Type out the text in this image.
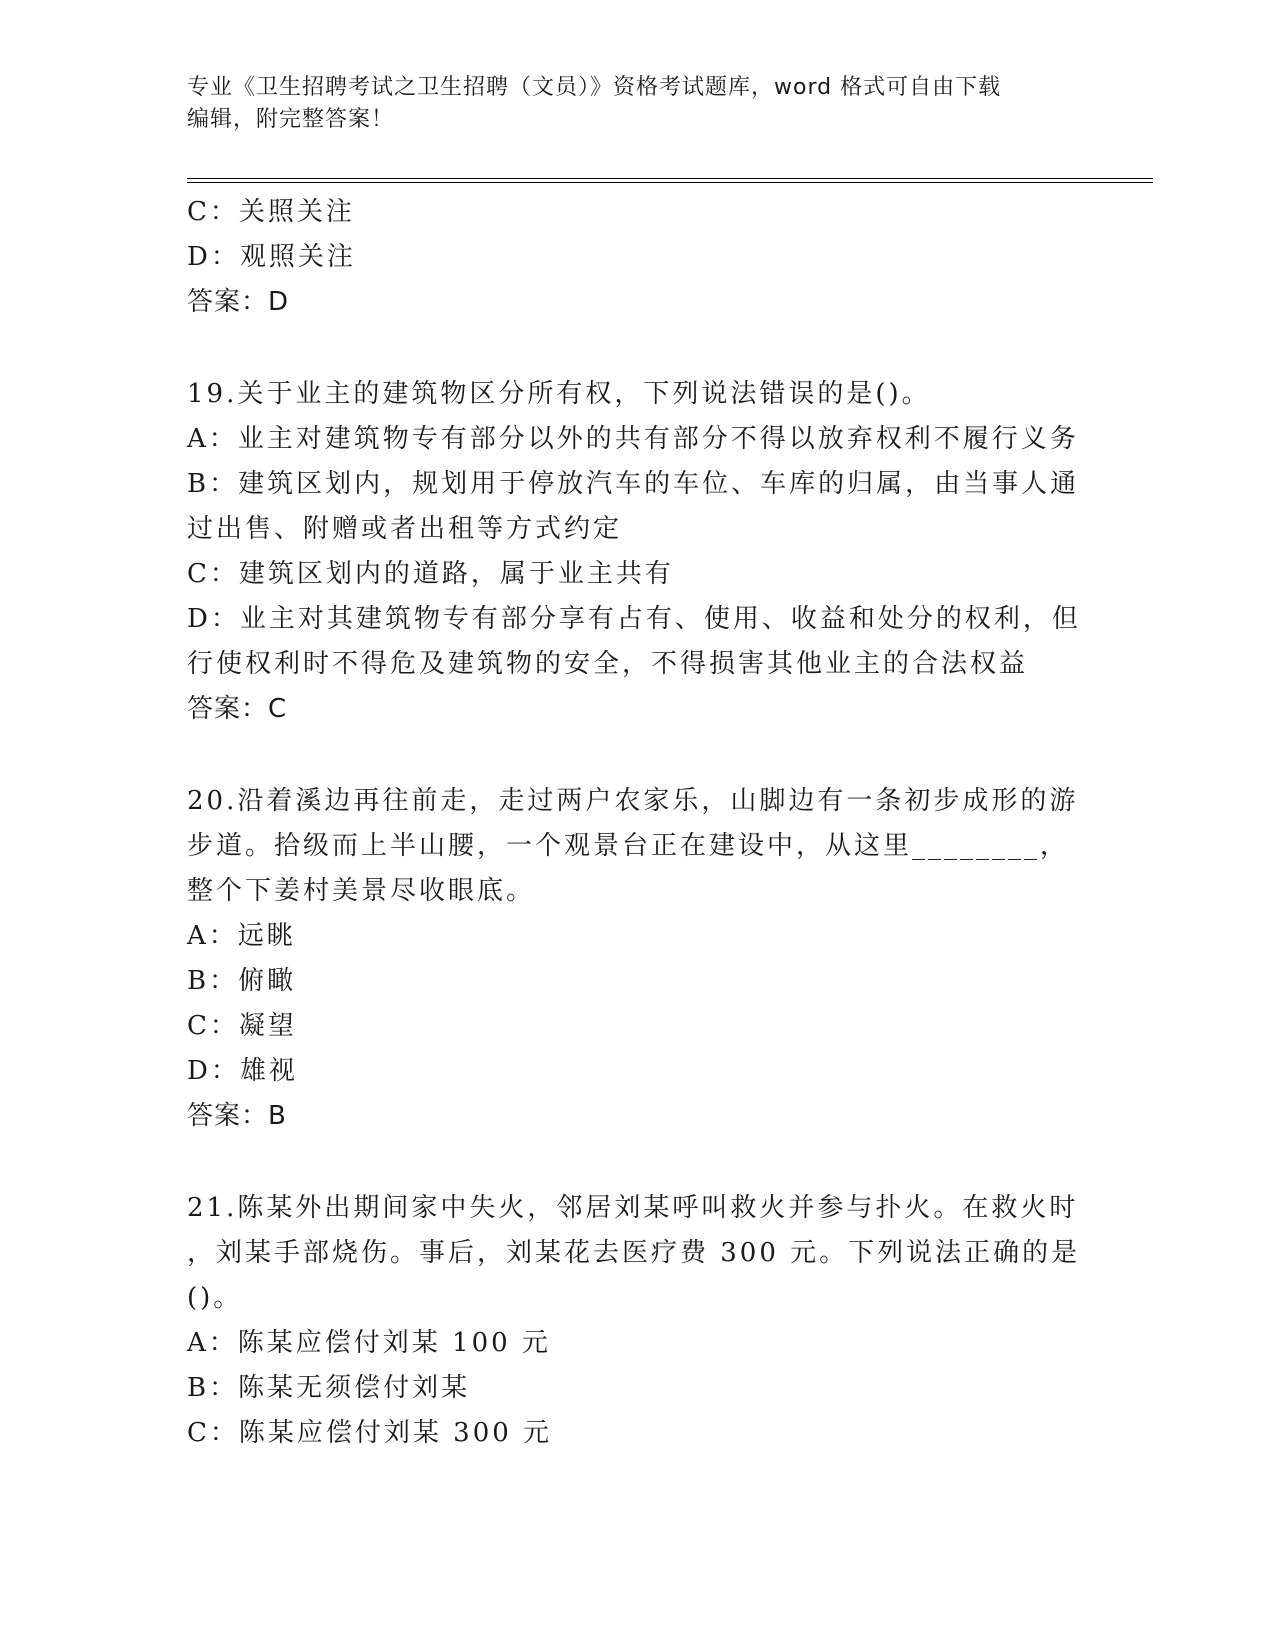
专业《卫生招聘考试之卫生招聘（文员）》资格考试题库，word 格式可自由下载
编辑，附完整答案！
C：关照关注
D：观照关注
答案：D
19.关于业主的建筑物区分所有权，下列说法错误的是()。
A：业主对建筑物专有部分以外的共有部分不得以放弃权利不履行义务
B：建筑区划内，规划用于停放汽车的车位、车库的归属，由当事人通
过出售、附赠或者出租等方式约定
C：建筑区划内的道路，属于业主共有
D：业主对其建筑物专有部分享有占有、使用、收益和处分的权利，但
行使权利时不得危及建筑物的安全，不得损害其他业主的合法权益
答案：C
20.沿着溪边再往前走，走过两户农家乐，山脚边有一条初步成形的游
步道。拾级而上半山腰，一个观景台正在建设中，从这里________，
整个下姜村美景尽收眼底。
A：远眺
B：俯瞰
C：凝望
D：雄视
答案：B
21.陈某外出期间家中失火，邻居刘某呼叫救火并参与扑火。在救火时
，刘某手部烧伤。事后，刘某花去医疗费 300 元。下列说法正确的是
()。
A：陈某应偿付刘某 100 元
B：陈某无须偿付刘某
C：陈某应偿付刘某 300 元
